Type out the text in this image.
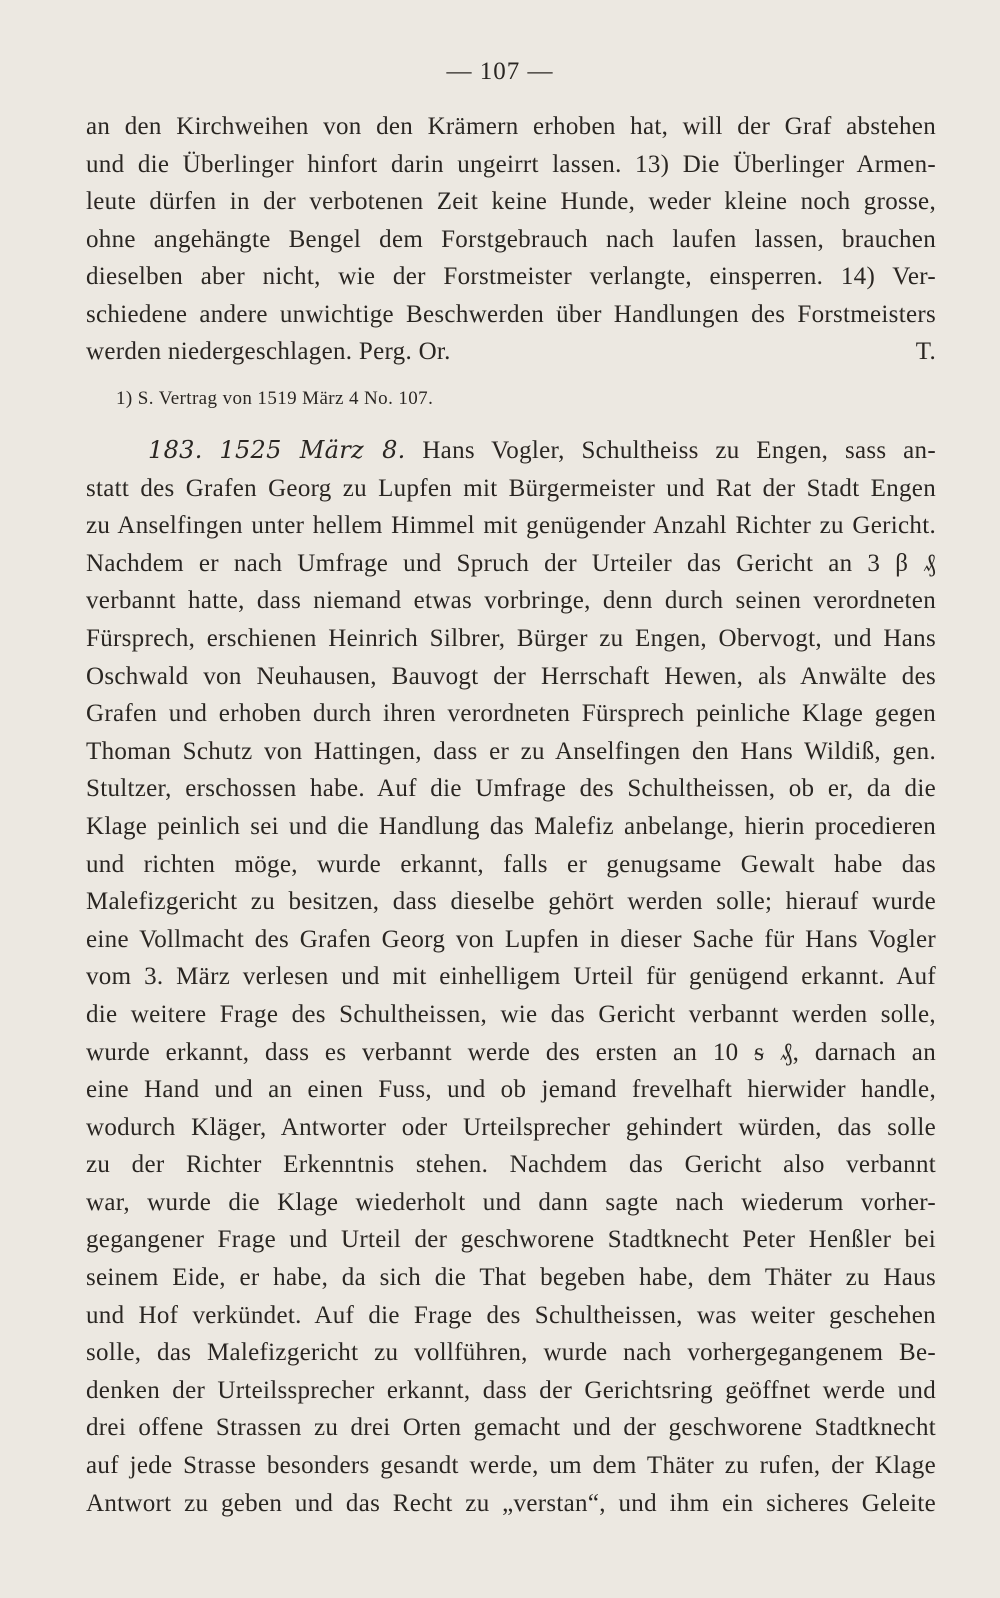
— 107 —
an den Kirchweihen von den Krämern erhoben hat, will der Graf abstehen
und die Überlinger hinfort darin ungeirrt lassen. 13) Die Überlinger Armen-
leute dürfen in der verbotenen Zeit keine Hunde, weder kleine noch grosse,
ohne angehängte Bengel dem Forstgebrauch nach laufen lassen, brauchen
dieselben aber nicht, wie der Forstmeister verlangte, einsperren. 14) Ver-
schiedene andere unwichtige Beschwerden über Handlungen des Forstmeisters
werden niedergeschlagen. Perg. Or.	T.
1) S. Vertrag von 1519 März 4 No. 107.
183. 1525 März 8. Hans Vogler, Schultheiss zu Engen, sass an-
statt des Grafen Georg zu Lupfen mit Bürgermeister und Rat der Stadt Engen
zu Anselfingen unter hellem Himmel mit genügender Anzahl Richter zu Gericht.
Nachdem er nach Umfrage und Spruch der Urteiler das Gericht an 3 β ₰
verbannt hatte, dass niemand etwas vorbringe, denn durch seinen verordneten
Fürsprech, erschienen Heinrich Silbrer, Bürger zu Engen, Obervogt, und Hans
Oschwald von Neuhausen, Bauvogt der Herrschaft Hewen, als Anwälte des
Grafen und erhoben durch ihren verordneten Fürsprech peinliche Klage gegen
Thoman Schutz von Hattingen, dass er zu Anselfingen den Hans Wildiß, gen.
Stultzer, erschossen habe. Auf die Umfrage des Schultheissen, ob er, da die
Klage peinlich sei und die Handlung das Malefiz anbelange, hierin procedieren
und richten möge, wurde erkannt, falls er genugsame Gewalt habe das
Malefizgericht zu besitzen, dass dieselbe gehört werden solle; hierauf wurde
eine Vollmacht des Grafen Georg von Lupfen in dieser Sache für Hans Vogler
vom 3. März verlesen und mit einhelligem Urteil für genügend erkannt. Auf
die weitere Frage des Schultheissen, wie das Gericht verbannt werden solle,
wurde erkannt, dass es verbannt werde des ersten an 10 ᵴ ₰, darnach an
eine Hand und an einen Fuss, und ob jemand frevelhaft hierwider handle,
wodurch Kläger, Antworter oder Urteilsprecher gehindert würden, das solle
zu der Richter Erkenntnis stehen. Nachdem das Gericht also verbannt
war, wurde die Klage wiederholt und dann sagte nach wiederum vorher-
gegangener Frage und Urteil der geschworene Stadtknecht Peter Henßler bei
seinem Eide, er habe, da sich die That begeben habe, dem Thäter zu Haus
und Hof verkündet. Auf die Frage des Schultheissen, was weiter geschehen
solle, das Malefizgericht zu vollführen, wurde nach vorhergegangenem Be-
denken der Urteilssprecher erkannt, dass der Gerichtsring geöffnet werde und
drei offene Strassen zu drei Orten gemacht und der geschworene Stadtknecht
auf jede Strasse besonders gesandt werde, um dem Thäter zu rufen, der Klage
Antwort zu geben und das Recht zu „verstan“, und ihm ein sicheres Geleite
